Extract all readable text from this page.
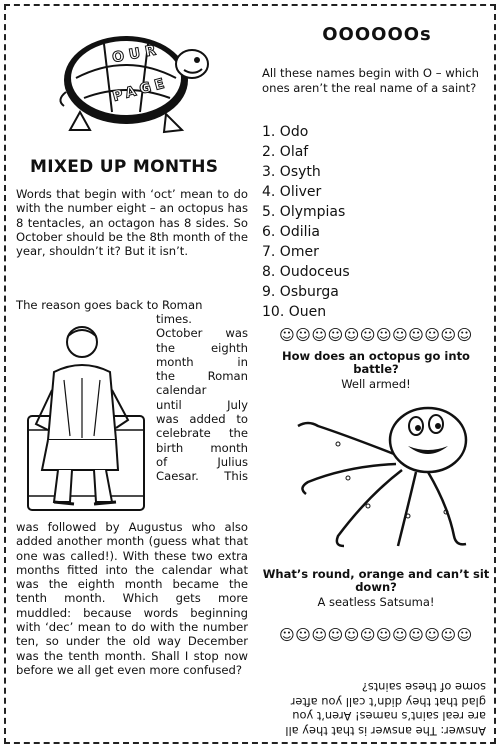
OUR
PAGE
MIXED UP MONTHS

Words that begin with ‘oct’ mean to do with the number eight – an octopus has 8 tentacles, an octagon has 8 sides. So October should be the 8th month of the year, shouldn’t it? But it isn’t.

The reason goes back to Roman

times.
October was
the eighth
month in
the Roman
calendar
until July
was added to
celebrate the
birth month
of Julius
Caesar. This

was followed by Augustus who also added another month (guess what that one was called!). With these two extra months fitted into the calendar what was the eighth month became the tenth month. Which gets more muddled: because words beginning with ‘dec’ mean to do with the number ten, so under the old way December was the tenth month. Shall I stop now before we all get even more confused?

OOOOOOs

All these names begin with O – which ones aren’t the real name of a saint?

1. Odo
2. Olaf
3. Osyth
4. Oliver
5. Olympias
6. Odilia
7. Omer
8. Oudoceus
9. Osburga
10. Ouen
☺☺☺☺☺☺☺☺☺☺☺☺
How does an octopus go into battle?
Well armed!
What’s round, orange and can’t sit down?
A seatless Satsuma!
☺☺☺☺☺☺☺☺☺☺☺☺
Answer: The answer is that they all are real saint’s names! Aren’t you glad that they didn’t call you after some of these saints?
